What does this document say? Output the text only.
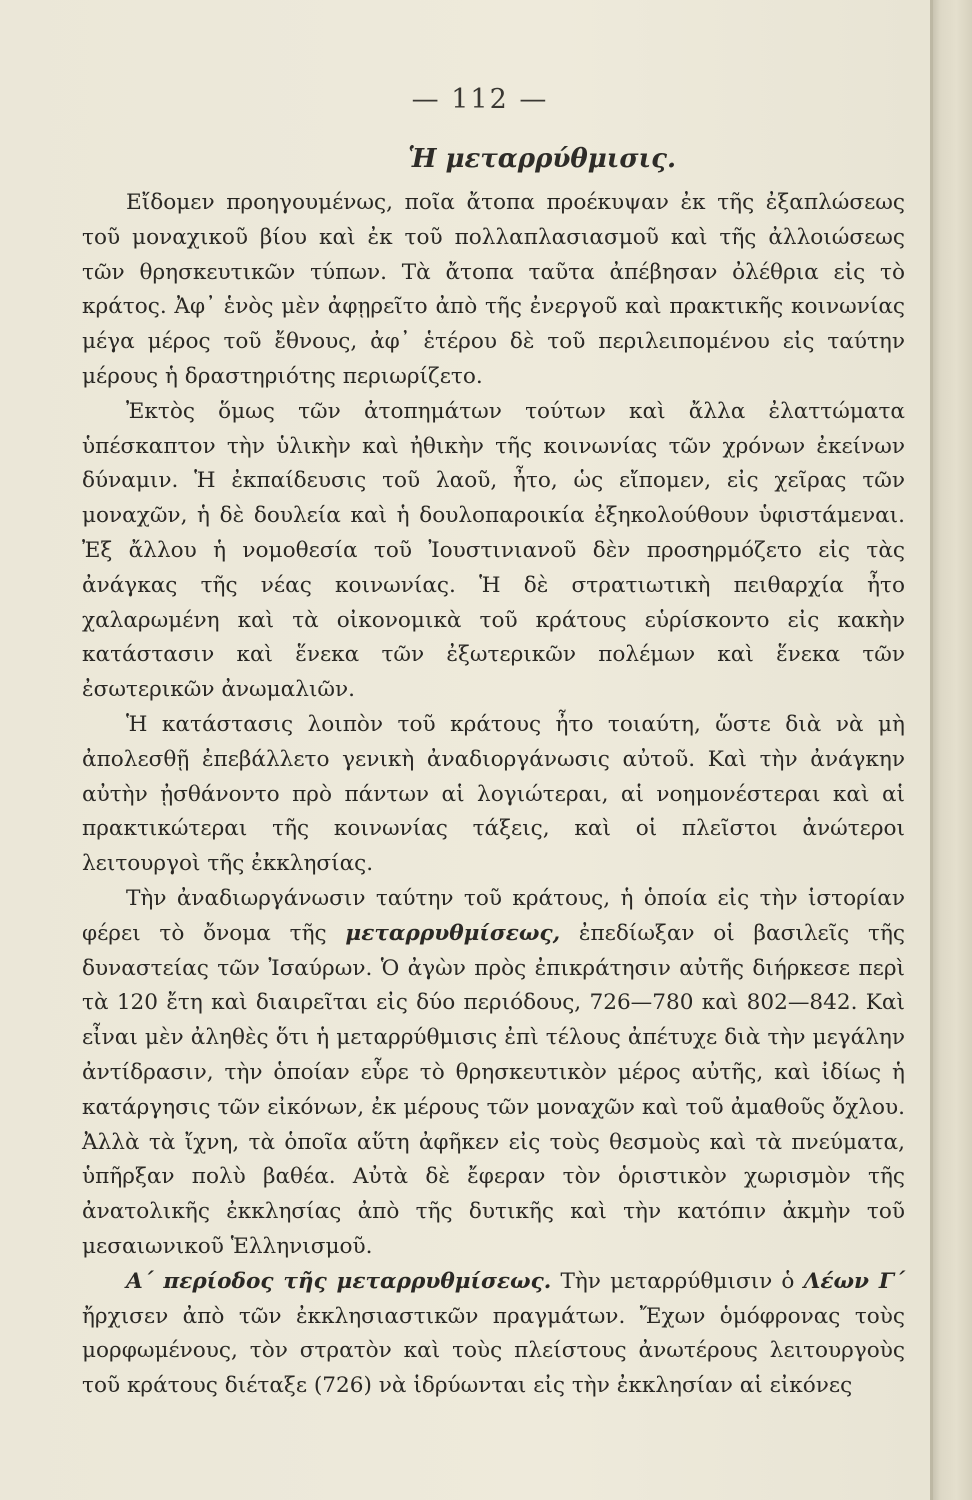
— 112 —
Ἡ μεταρρύθμισις.

Εἴδομεν προηγουμένως, ποῖα ἄτοπα προέκυψαν ἐκ τῆς ἐξαπλώσεως τοῦ μοναχικοῦ βίου καὶ ἐκ τοῦ πολλαπλασιασμοῦ καὶ τῆς ἀλλοιώσεως τῶν θρησκευτικῶν τύπων. Τὰ ἄτοπα ταῦτα ἀπέβησαν ὀλέθρια εἰς τὸ κράτος. Ἀφ᾿ ἑνὸς μὲν ἀφῃρεῖτο ἀπὸ τῆς ἐνεργοῦ καὶ πρακτικῆς κοινωνίας μέγα μέρος τοῦ ἔθνους, ἀφ᾿ ἑτέρου δὲ τοῦ περιλειπομένου εἰς ταύτην μέρους ἡ δραστηριότης περιωρίζετο.

Ἐκτὸς ὅμως τῶν ἀτοπημάτων τούτων καὶ ἄλλα ἐλαττώματα ὑπέσκαπτον τὴν ὑλικὴν καὶ ἠθικὴν τῆς κοινωνίας τῶν χρόνων ἐκείνων δύναμιν. Ἡ ἐκπαίδευσις τοῦ λαοῦ, ἦτο, ὡς εἴπομεν, εἰς χεῖρας τῶν μοναχῶν, ἡ δὲ δουλεία καὶ ἡ δουλοπαροικία ἐξηκολούθουν ὑφιστάμεναι. Ἐξ ἄλλου ἡ νομοθεσία τοῦ Ἰουστινιανοῦ δὲν προσηρμόζετο εἰς τὰς ἀνάγκας τῆς νέας κοινωνίας. Ἡ δὲ στρατιωτικὴ πειθαρχία ἦτο χαλαρωμένη καὶ τὰ οἰκονομικὰ τοῦ κράτους εὑρίσκοντο εἰς κακὴν κατάστασιν καὶ ἕνεκα τῶν ἐξωτερικῶν πολέμων καὶ ἕνεκα τῶν ἐσωτερικῶν ἀνωμαλιῶν.

Ἡ κατάστασις λοιπὸν τοῦ κράτους ἦτο τοιαύτη, ὥστε διὰ νὰ μὴ ἀπολεσθῇ ἐπεβάλλετο γενικὴ ἀναδιοργάνωσις αὐτοῦ. Καὶ τὴν ἀνάγκην αὐτὴν ᾐσθάνοντο πρὸ πάντων αἱ λογιώτεραι, αἱ νοημονέστεραι καὶ αἱ πρακτικώτεραι τῆς κοινωνίας τάξεις, καὶ οἱ πλεῖστοι ἀνώτεροι λειτουργοὶ τῆς ἐκκλησίας.

Τὴν ἀναδιωργάνωσιν ταύτην τοῦ κράτους, ἡ ὁποία εἰς τὴν ἱστορίαν φέρει τὸ ὄνομα τῆς μεταρρυθμίσεως, ἐπεδίωξαν οἱ βασιλεῖς τῆς δυναστείας τῶν Ἰσαύρων. Ὁ ἀγὼν πρὸς ἐπικράτησιν αὐτῆς διήρκεσε περὶ τὰ 120 ἔτη καὶ διαιρεῖται εἰς δύο περιόδους, 726—780 καὶ 802—842. Καὶ εἶναι μὲν ἀληθὲς ὅτι ἡ μεταρρύθμισις ἐπὶ τέλους ἀπέτυχε διὰ τὴν μεγάλην ἀντίδρασιν, τὴν ὁποίαν εὗρε τὸ θρησκευτικὸν μέρος αὐτῆς, καὶ ἰδίως ἡ κατάργησις τῶν εἰκόνων, ἐκ μέρους τῶν μοναχῶν καὶ τοῦ ἀμαθοῦς ὄχλου. Ἀλλὰ τὰ ἴχνη, τὰ ὁποῖα αὕτη ἀφῆκεν εἰς τοὺς θεσμοὺς καὶ τὰ πνεύματα, ὑπῆρξαν πολὺ βαθέα. Αὐτὰ δὲ ἔφεραν τὸν ὁριστικὸν χωρισμὸν τῆς ἀνατολικῆς ἐκκλησίας ἀπὸ τῆς δυτικῆς καὶ τὴν κατόπιν ἀκμὴν τοῦ μεσαιωνικοῦ Ἑλληνισμοῦ.

Α΄ περίοδος τῆς μεταρρυθμίσεως. Τὴν μεταρρύθμισιν ὁ Λέων Γ΄ ἤρχισεν ἀπὸ τῶν ἐκκλησιαστικῶν πραγμάτων. Ἔχων ὁμόφρονας τοὺς μορφωμένους, τὸν στρατὸν καὶ τοὺς πλείστους ἀνωτέρους λειτουργοὺς τοῦ κράτους διέταξε (726) νὰ ἱδρύωνται εἰς τὴν ἐκκλησίαν αἱ εἰκόνες
